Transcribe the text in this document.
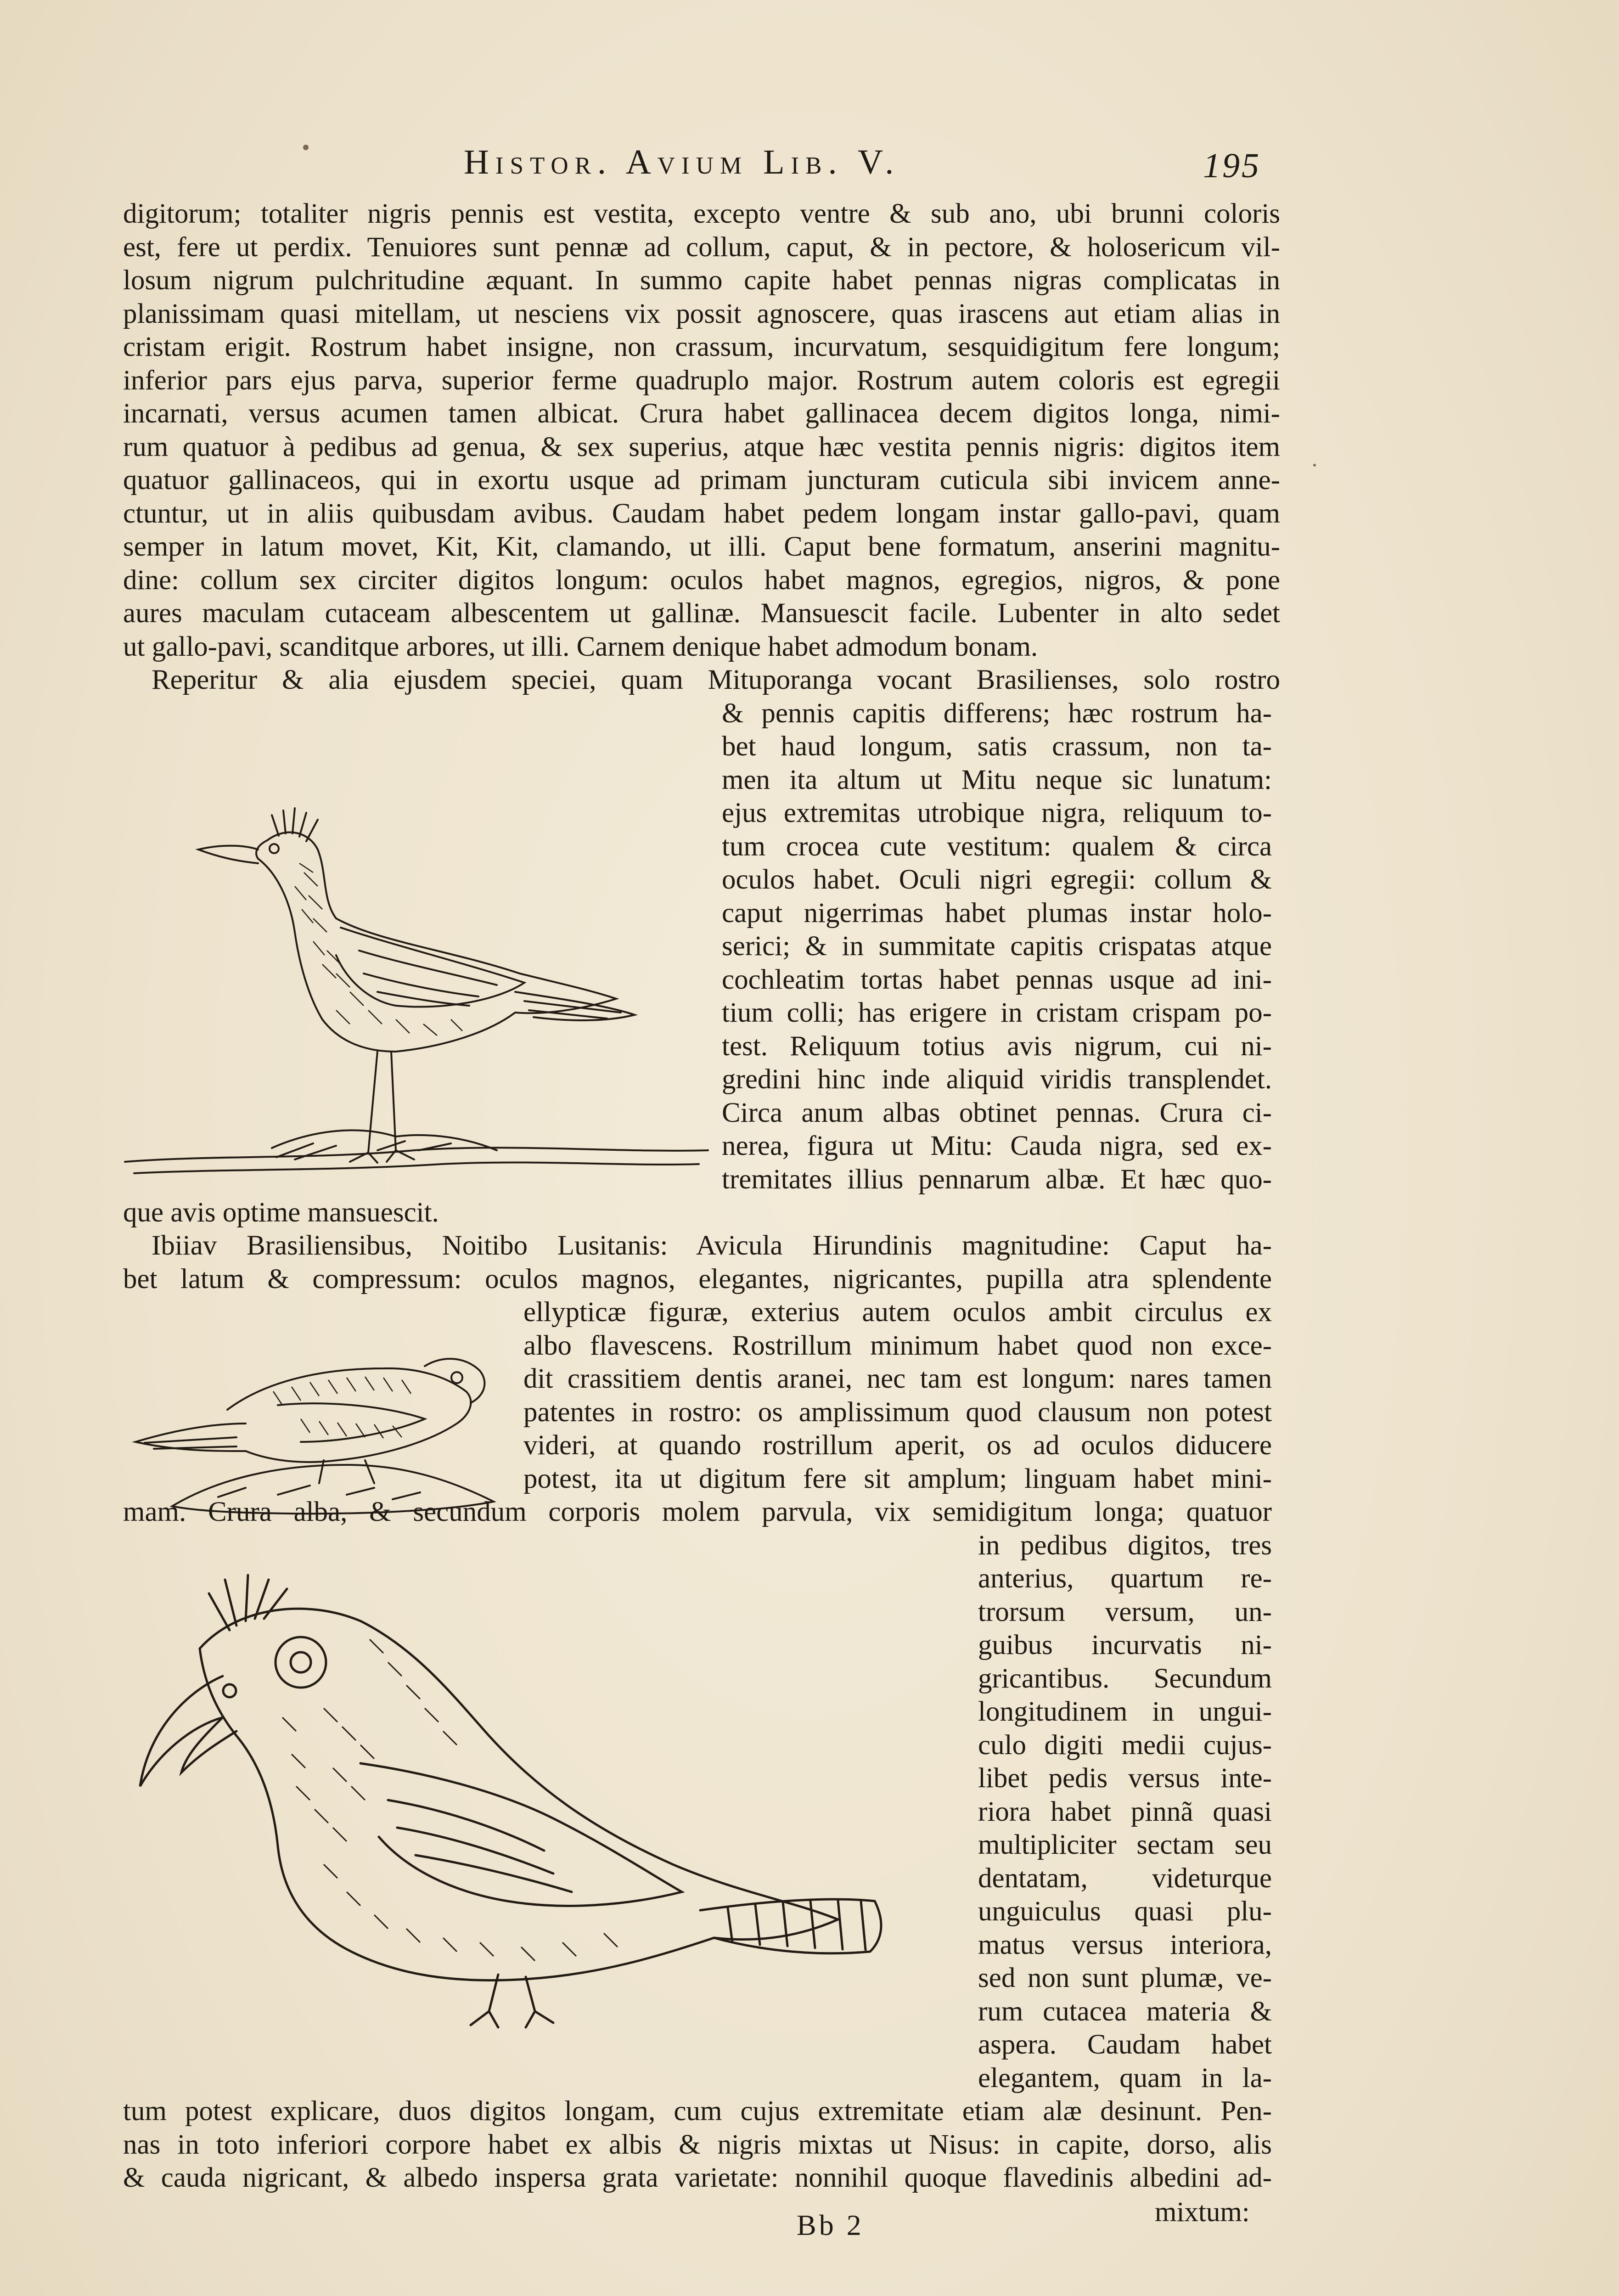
Histor. Avium Lib. V.	195
digitorum; totaliter nigris pennis est vestita, excepto ventre & sub ano, ubi brunni coloris
est, fere ut perdix. Tenuiores sunt pennæ ad collum, caput, & in pectore, & holosericum vil-
losum nigrum pulchritudine æquant. In summo capite habet pennas nigras complicatas in
planissimam quasi mitellam, ut nesciens vix possit agnoscere, quas irascens aut etiam alias in
cristam erigit. Rostrum habet insigne, non crassum, incurvatum, sesquidigitum fere longum;
inferior pars ejus parva, superior ferme quadruplo major. Rostrum autem coloris est egregii
incarnati, versus acumen tamen albicat. Crura habet gallinacea decem digitos longa, nimi-
rum quatuor à pedibus ad genua, & sex superius, atque hæc vestita pennis nigris: digitos item
quatuor gallinaceos, qui in exortu usque ad primam juncturam cuticula sibi invicem anne-
ctuntur, ut in aliis quibusdam avibus. Caudam habet pedem longam instar gallo-pavi, quam
semper in latum movet, Kit, Kit, clamando, ut illi. Caput bene formatum, anserini magnitu-
dine: collum sex circiter digitos longum: oculos habet magnos, egregios, nigros, & pone
aures maculam cutaceam albescentem ut gallinæ. Mansuescit facile. Lubenter in alto sedet
ut gallo-pavi, scanditque arbores, ut illi. Carnem denique habet admodum bonam.
Reperitur & alia ejusdem speciei, quam Mituporanga vocant Brasilienses, solo rostro
& pennis capitis differens; hæc rostrum ha-
bet haud longum, satis crassum, non ta-
men ita altum ut Mitu neque sic lunatum:
ejus extremitas utrobique nigra, reliquum to-
tum crocea cute vestitum: qualem & circa
oculos habet. Oculi nigri egregii: collum &
caput nigerrimas habet plumas instar holo-
serici; & in summitate capitis crispatas atque
cochleatim tortas habet pennas usque ad ini-
tium colli; has erigere in cristam crispam po-
test. Reliquum totius avis nigrum, cui ni-
gredini hinc inde aliquid viridis transplendet.
Circa anum albas obtinet pennas. Crura ci-
nerea, figura ut Mitu: Cauda nigra, sed ex-
tremitates illius pennarum albæ. Et hæc quo-
que avis optime mansuescit.
Ibiiav Brasiliensibus, Noitibo Lusitanis: Avicula Hirundinis magnitudine: Caput ha-
bet latum & compressum: oculos magnos, elegantes, nigricantes, pupilla atra splendente
ellypticæ figuræ, exterius autem oculos ambit circulus ex
albo flavescens. Rostrillum minimum habet quod non exce-
dit crassitiem dentis aranei, nec tam est longum: nares tamen
patentes in rostro: os amplissimum quod clausum non potest
videri, at quando rostrillum aperit, os ad oculos diducere
potest, ita ut digitum fere sit amplum; linguam habet mini-
mam. Crura alba, & secundum corporis molem parvula, vix semidigitum longa; quatuor
in pedibus digitos, tres
anterius, quartum re-
trorsum versum, un-
guibus incurvatis ni-
gricantibus. Secundum
longitudinem in ungui-
culo digiti medii cujus-
libet pedis versus inte-
riora habet pinnã quasi
multipliciter sectam seu
dentatam, videturque
unguiculus quasi plu-
matus versus interiora,
sed non sunt plumæ, ve-
rum cutacea materia &
aspera. Caudam habet
elegantem, quam in la-
tum potest explicare, duos digitos longam, cum cujus extremitate etiam alæ desinunt. Pen-
nas in toto inferiori corpore habet ex albis & nigris mixtas ut Nisus: in capite, dorso, alis
& cauda nigricant, & albedo inspersa grata varietate: nonnihil quoque flavedinis albedini ad-
Bb 2	mixtum:
